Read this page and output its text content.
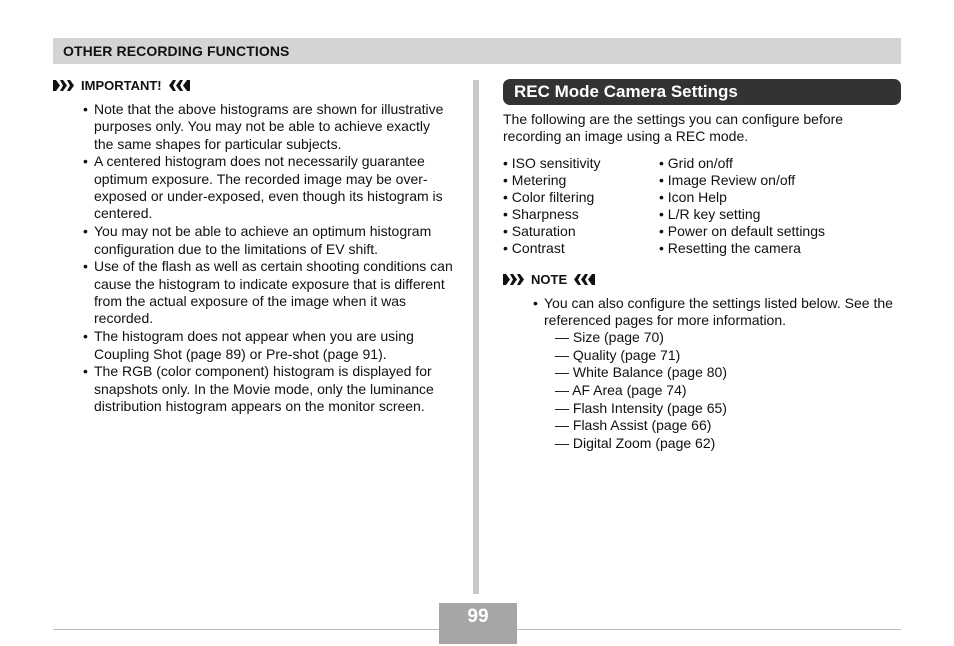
OTHER RECORDING FUNCTIONS
IMPORTANT!
• Note that the above histograms are shown for illustrative purposes only. You may not be able to achieve exactly the same shapes for particular subjects.
• A centered histogram does not necessarily guarantee optimum exposure. The recorded image may be over-exposed or under-exposed, even though its histogram is centered.
• You may not be able to achieve an optimum histogram configuration due to the limitations of EV shift.
• Use of the flash as well as certain shooting conditions can cause the histogram to indicate exposure that is different from the actual exposure of the image when it was recorded.
• The histogram does not appear when you are using Coupling Shot (page 89) or Pre-shot (page 91).
• The RGB (color component) histogram is displayed for snapshots only. In the Movie mode, only the luminance distribution histogram appears on the monitor screen.
REC Mode Camera Settings
The following are the settings you can configure before recording an image using a REC mode.
• ISO sensitivity
• Metering
• Color filtering
• Sharpness
• Saturation
• Contrast
• Grid on/off
• Image Review on/off
• Icon Help
• L/R key setting
• Power on default settings
• Resetting the camera
NOTE
• You can also configure the settings listed below. See the referenced pages for more information.
— Size (page 70)
— Quality (page 71)
— White Balance (page 80)
— AF Area (page 74)
— Flash Intensity (page 65)
— Flash Assist (page 66)
— Digital Zoom (page 62)
99
